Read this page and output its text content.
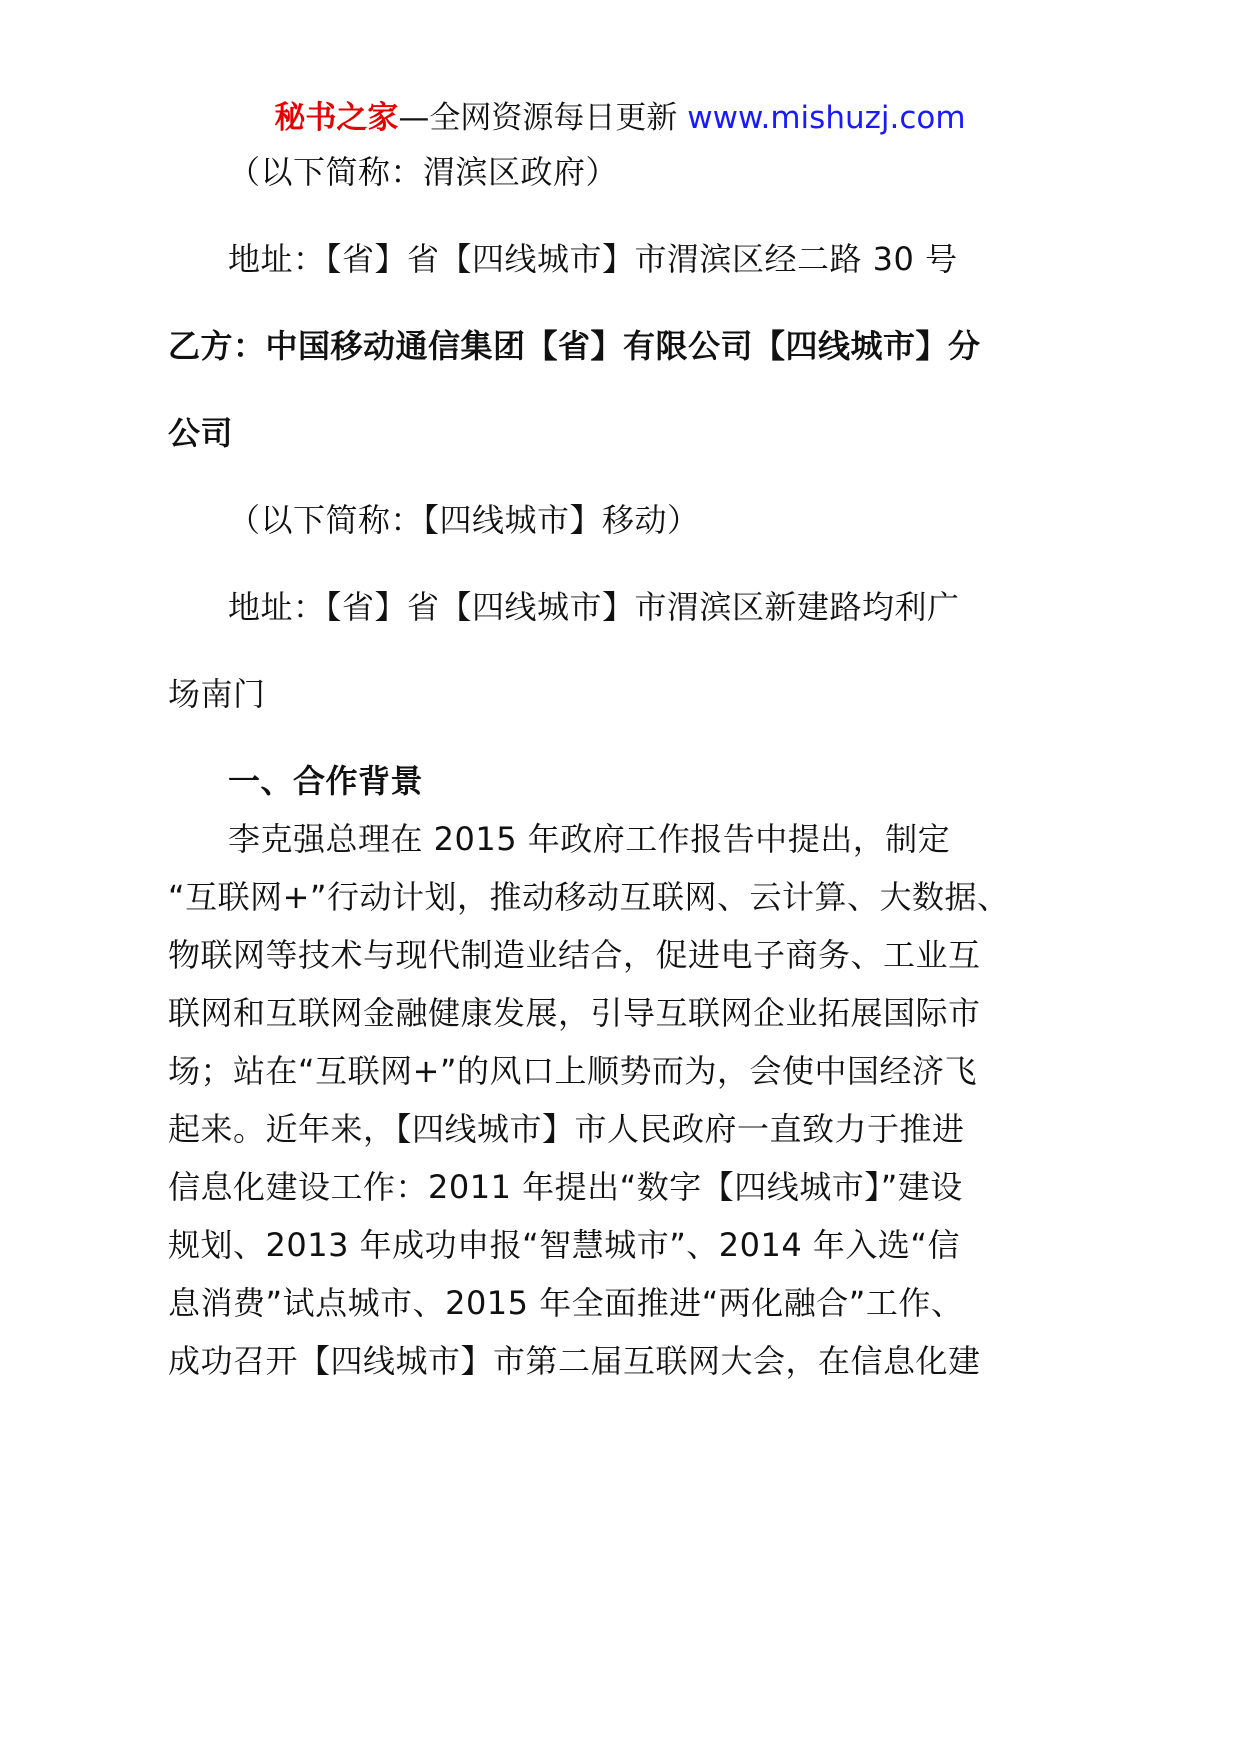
秘书之家—全网资源每日更新 www.mishuzj.com
（以下简称：渭滨区政府）
地址：【省】省【四线城市】市渭滨区经二路 30 号
乙方：中国移动通信集团【省】有限公司【四线城市】分
公司
（以下简称：【四线城市】移动）
地址：【省】省【四线城市】市渭滨区新建路均利广
场南门
一、合作背景
李克强总理在 2015 年政府工作报告中提出，制定
“互联网+”行动计划，推动移动互联网、云计算、大数据、
物联网等技术与现代制造业结合，促进电子商务、工业互
联网和互联网金融健康发展，引导互联网企业拓展国际市
场；站在“互联网+”的风口上顺势而为，会使中国经济飞
起来。近年来，【四线城市】市人民政府一直致力于推进
信息化建设工作：2011 年提出“数字【四线城市】”建设
规划、2013 年成功申报“智慧城市”、2014 年入选“信
息消费”试点城市、2015 年全面推进“两化融合”工作、
成功召开【四线城市】市第二届互联网大会，在信息化建
